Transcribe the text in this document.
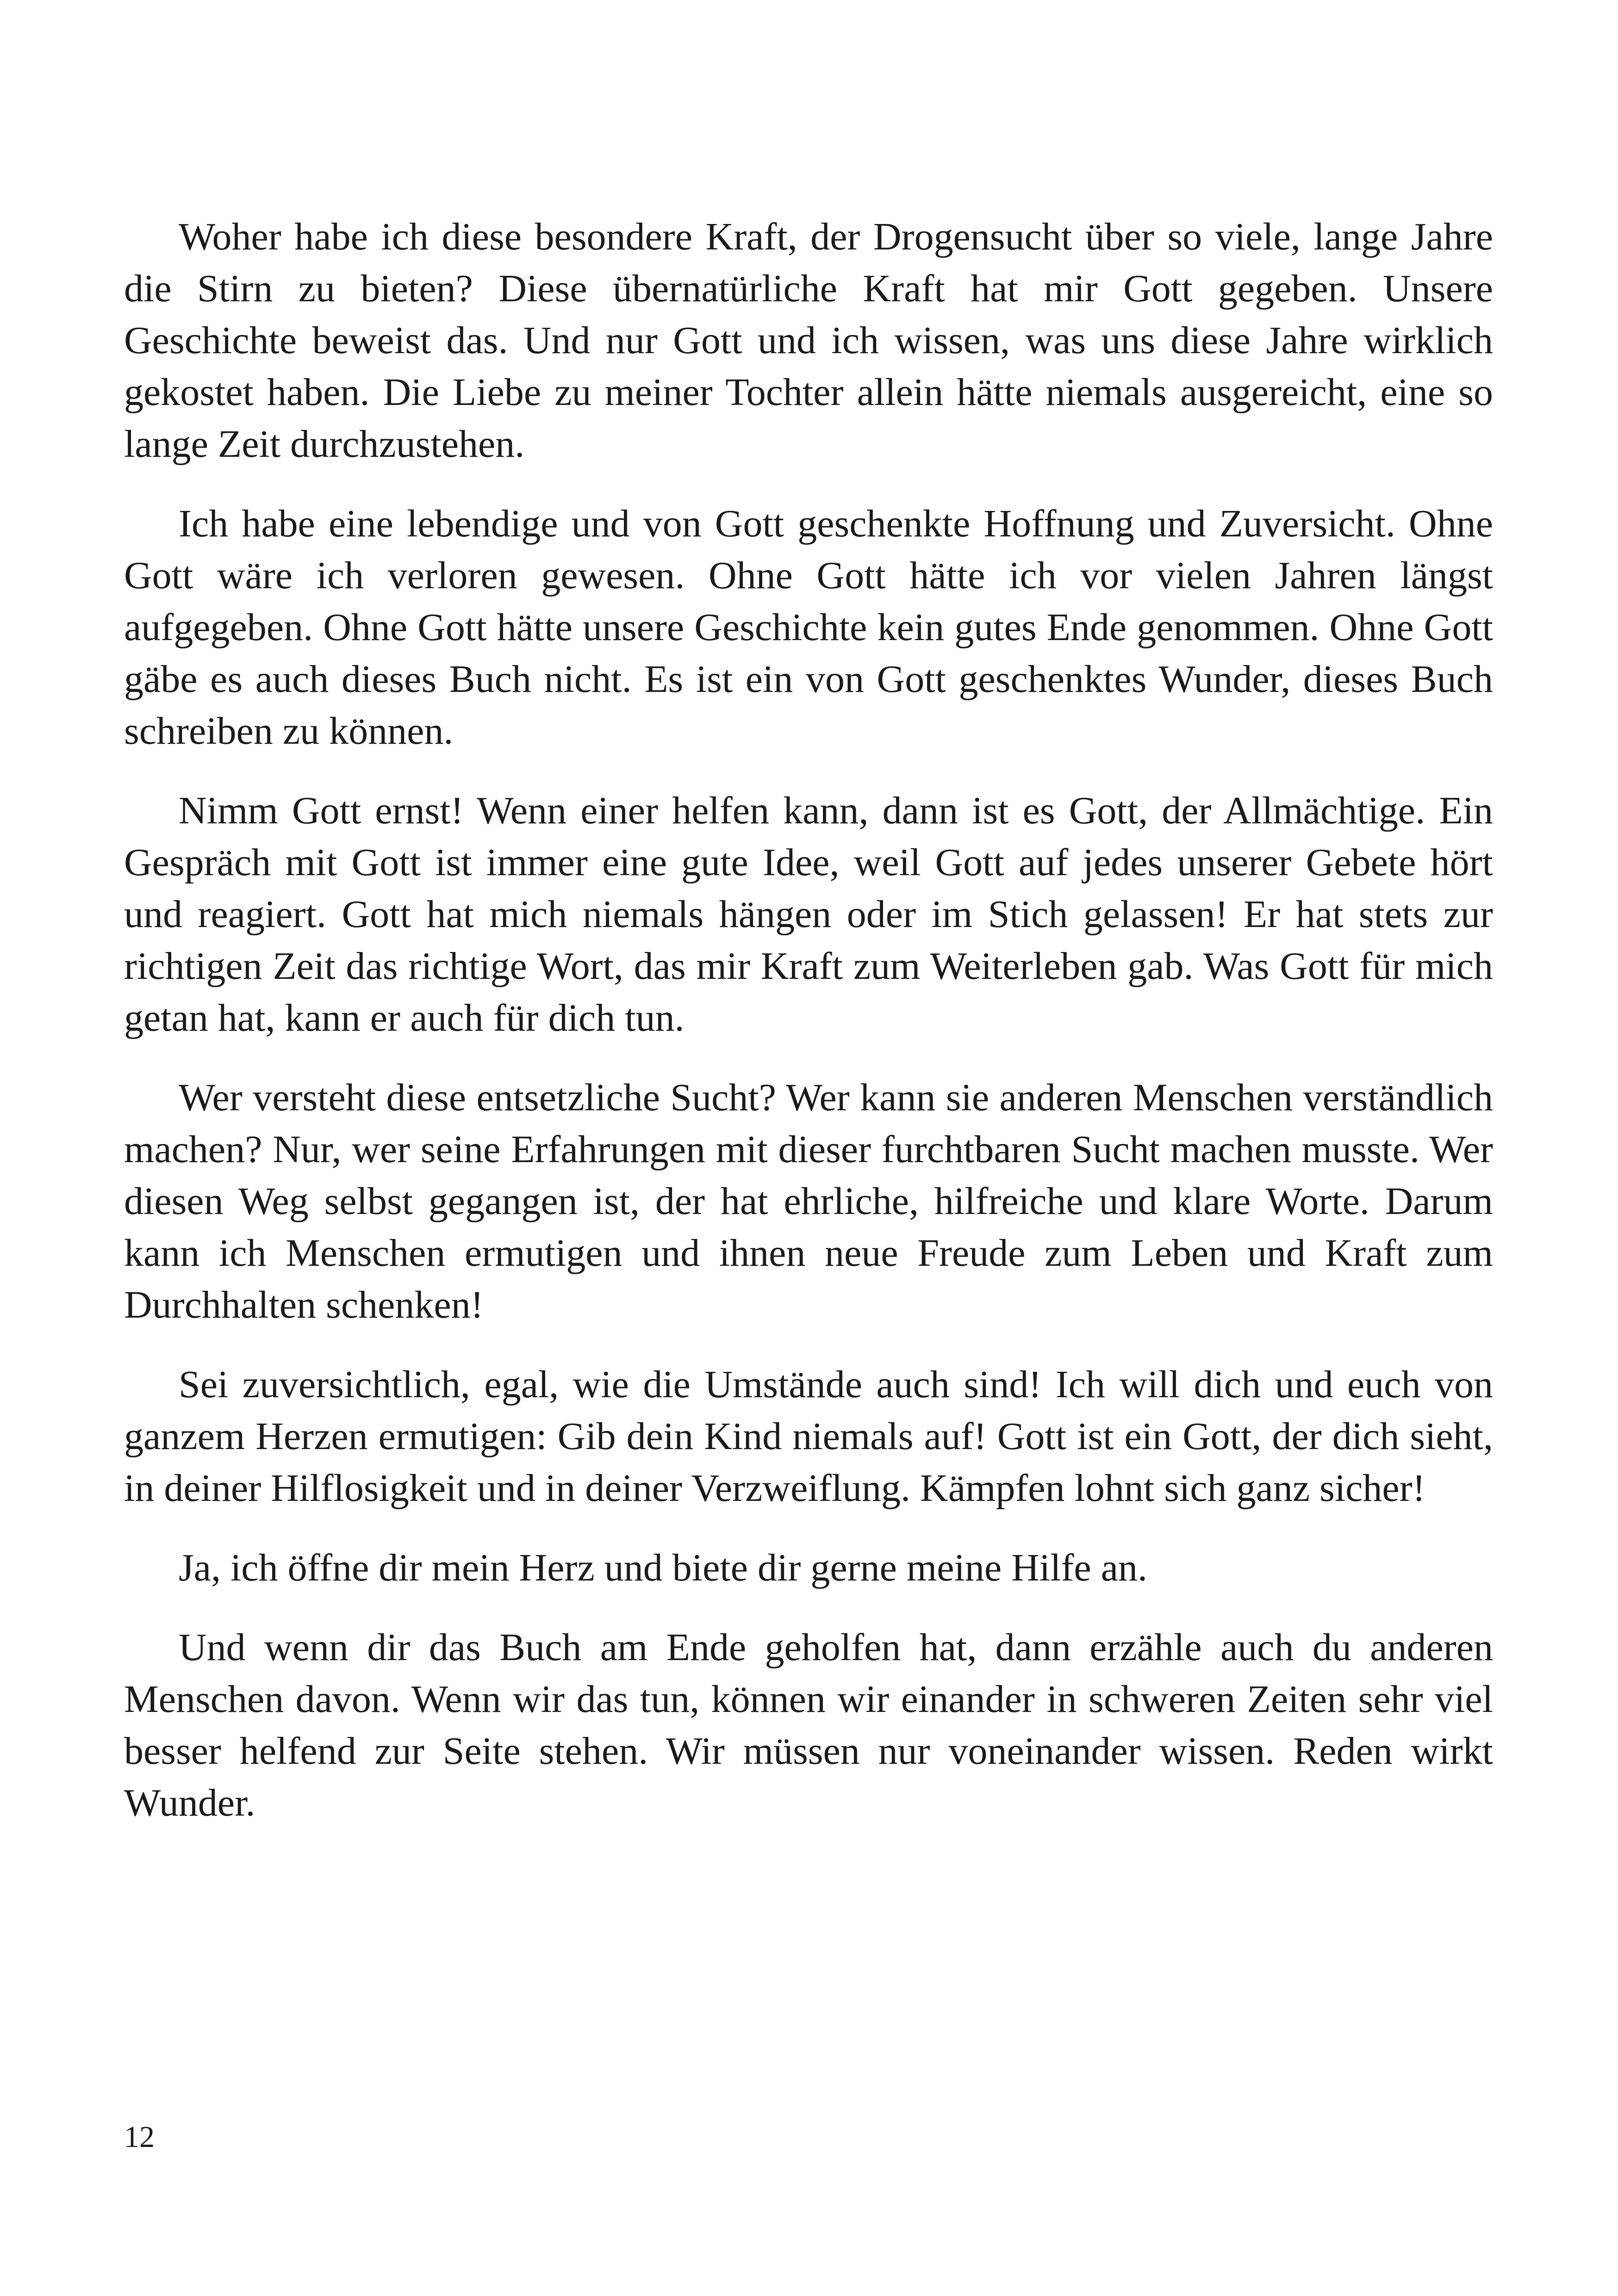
Woher habe ich diese besondere Kraft, der Drogensucht über so viele, lange Jahre die Stirn zu bieten? Diese übernatürliche Kraft hat mir Gott gegeben. Unsere Geschichte beweist das. Und nur Gott und ich wissen, was uns diese Jahre wirklich gekostet haben. Die Liebe zu meiner Tochter allein hätte niemals ausgereicht, eine so lange Zeit durchzustehen.

Ich habe eine lebendige und von Gott geschenkte Hoffnung und Zuversicht. Ohne Gott wäre ich verloren gewesen. Ohne Gott hätte ich vor vielen Jahren längst aufgegeben. Ohne Gott hätte unsere Geschichte kein gutes Ende genommen. Ohne Gott gäbe es auch dieses Buch nicht. Es ist ein von Gott geschenktes Wunder, dieses Buch schreiben zu können.

Nimm Gott ernst! Wenn einer helfen kann, dann ist es Gott, der Allmächtige. Ein Gespräch mit Gott ist immer eine gute Idee, weil Gott auf jedes unserer Gebete hört und reagiert. Gott hat mich niemals hängen oder im Stich gelassen! Er hat stets zur richtigen Zeit das richtige Wort, das mir Kraft zum Weiterleben gab. Was Gott für mich getan hat, kann er auch für dich tun.

Wer versteht diese entsetzliche Sucht? Wer kann sie anderen Menschen verständlich machen? Nur, wer seine Erfahrungen mit dieser furchtbaren Sucht machen musste. Wer diesen Weg selbst gegangen ist, der hat ehrliche, hilfreiche und klare Worte. Darum kann ich Menschen ermutigen und ihnen neue Freude zum Leben und Kraft zum Durchhalten schenken!

Sei zuversichtlich, egal, wie die Umstände auch sind! Ich will dich und euch von ganzem Herzen ermutigen: Gib dein Kind niemals auf! Gott ist ein Gott, der dich sieht, in deiner Hilflosigkeit und in deiner Verzweiflung. Kämpfen lohnt sich ganz sicher!

Ja, ich öffne dir mein Herz und biete dir gerne meine Hilfe an.

Und wenn dir das Buch am Ende geholfen hat, dann erzähle auch du anderen Menschen davon. Wenn wir das tun, können wir einander in schweren Zeiten sehr viel besser helfend zur Seite stehen. Wir müssen nur voneinander wissen. Reden wirkt Wunder.

12
